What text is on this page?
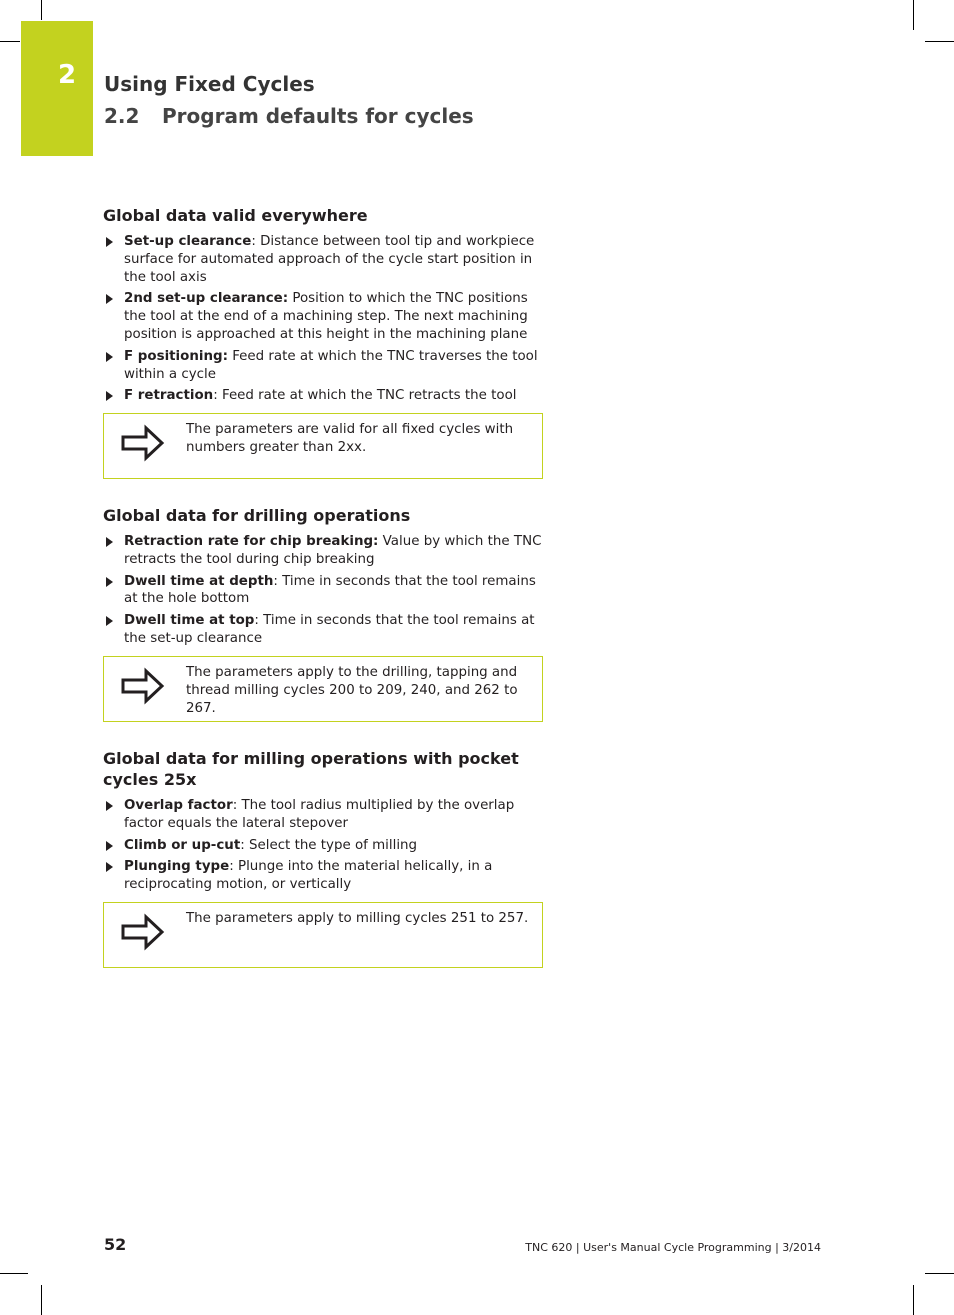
2 Using Fixed Cycles
2.2 Program defaults for cycles
Global data valid everywhere
Set-up clearance: Distance between tool tip and workpiece surface for automated approach of the cycle start position in the tool axis
2nd set-up clearance: Position to which the TNC positions the tool at the end of a machining step. The next machining position is approached at this height in the machining plane
F positioning: Feed rate at which the TNC traverses the tool within a cycle
F retraction: Feed rate at which the TNC retracts the tool
The parameters are valid for all fixed cycles with numbers greater than 2xx.
Global data for drilling operations
Retraction rate for chip breaking: Value by which the TNC retracts the tool during chip breaking
Dwell time at depth: Time in seconds that the tool remains at the hole bottom
Dwell time at top: Time in seconds that the tool remains at the set-up clearance
The parameters apply to the drilling, tapping and thread milling cycles 200 to 209, 240, and 262 to 267.
Global data for milling operations with pocket cycles 25x
Overlap factor: The tool radius multiplied by the overlap factor equals the lateral stepover
Climb or up-cut: Select the type of milling
Plunging type: Plunge into the material helically, in a reciprocating motion, or vertically
The parameters apply to milling cycles 251 to 257.
52	TNC 620 | User's Manual Cycle Programming | 3/2014
